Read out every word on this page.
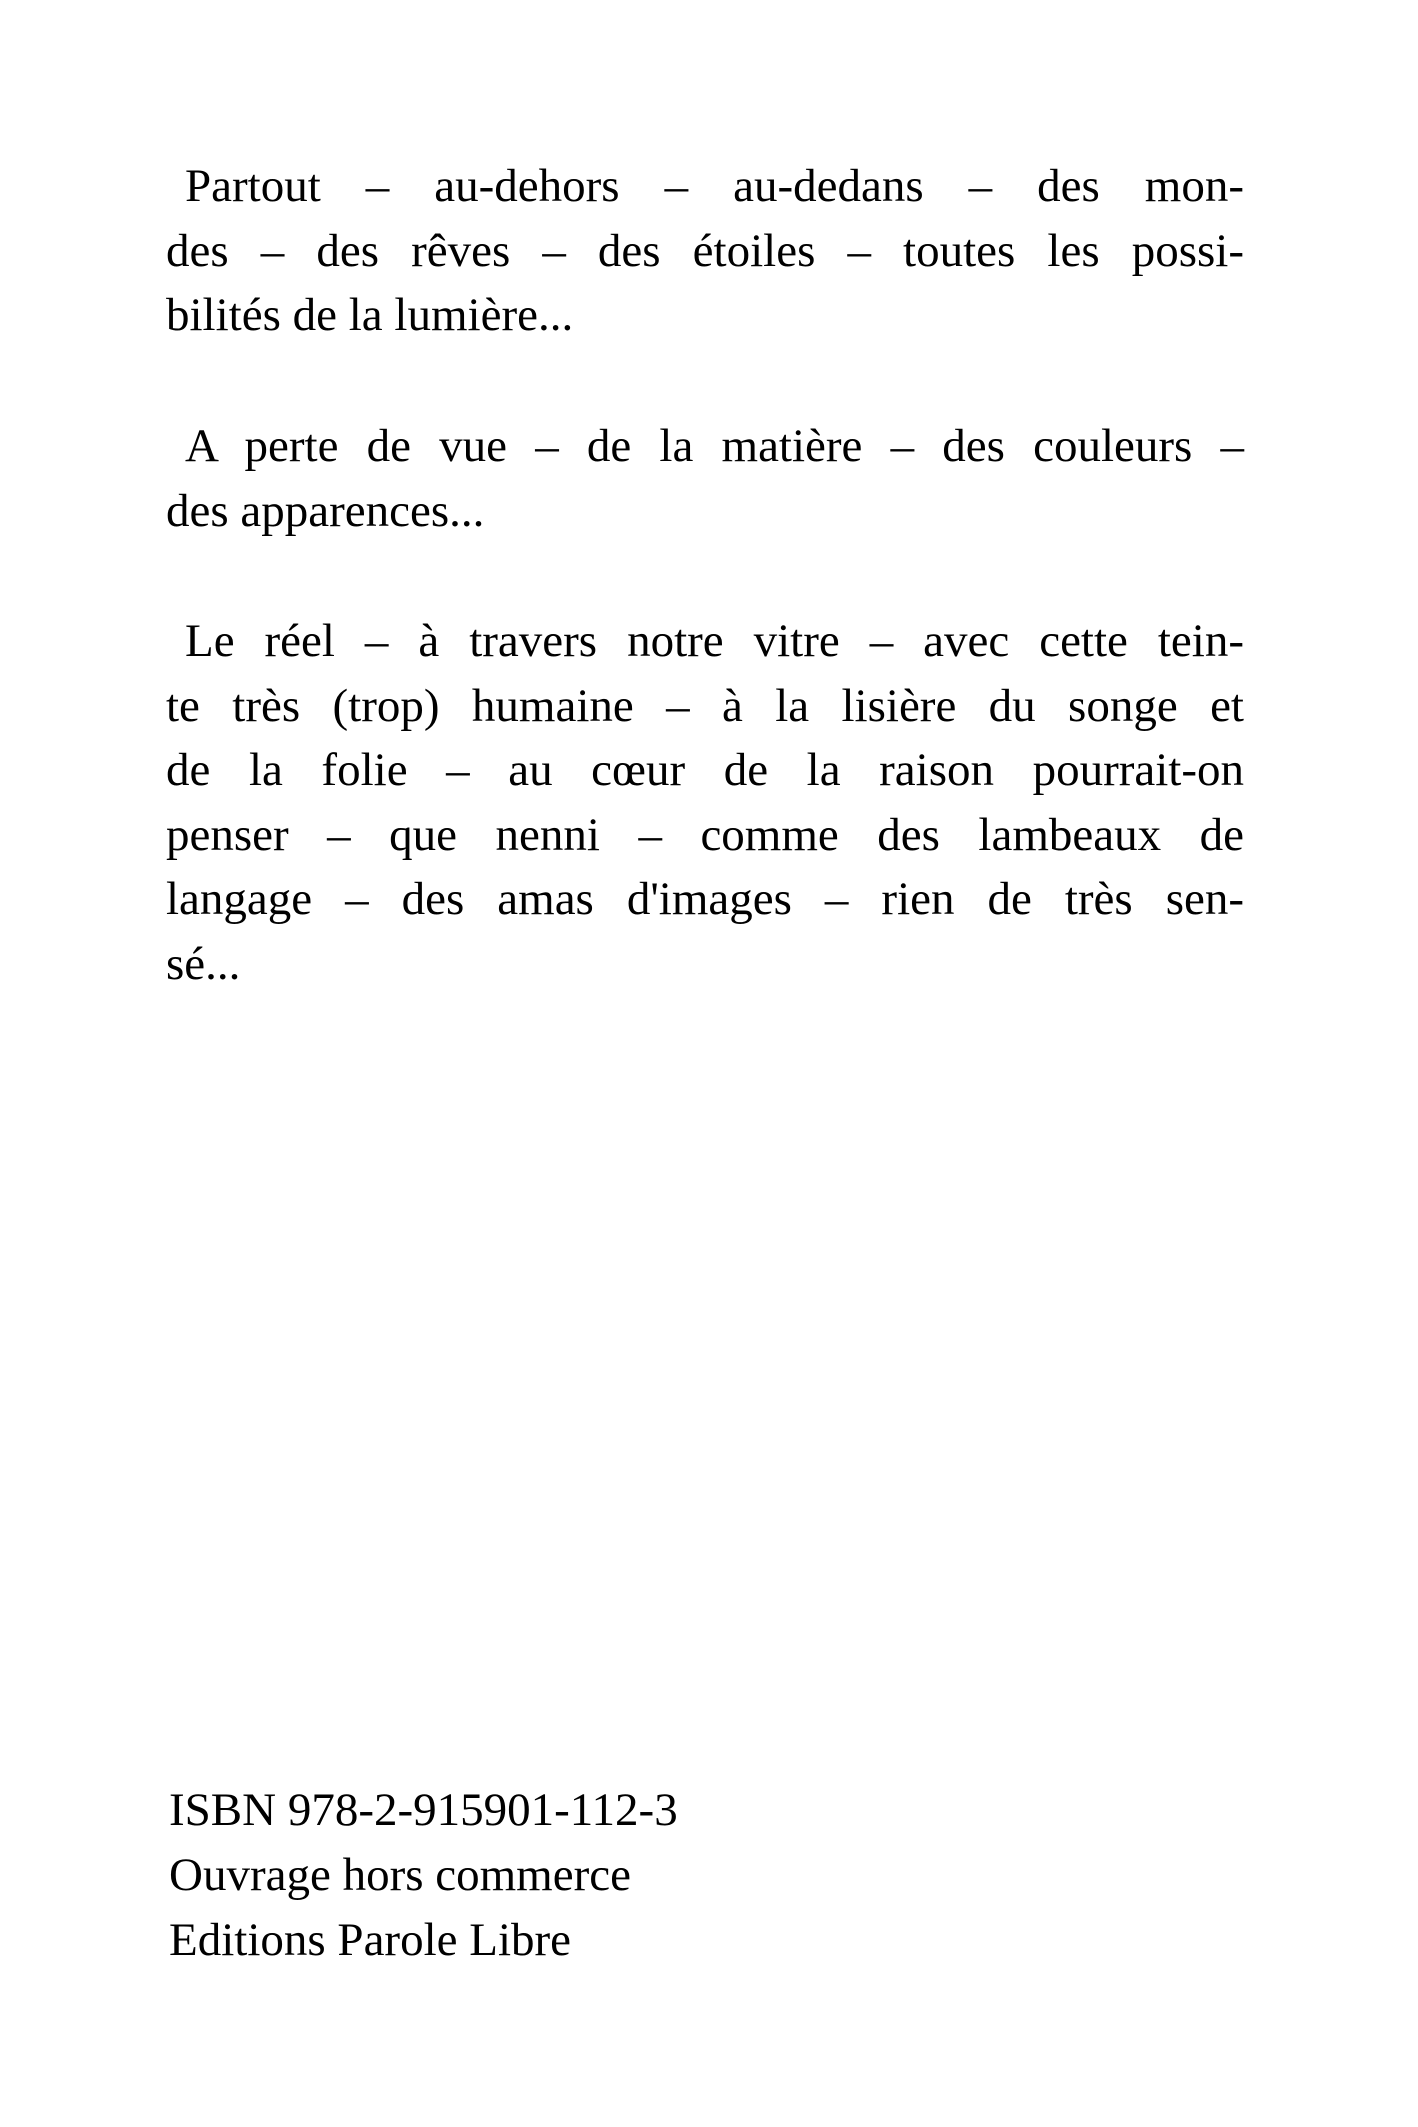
Partout – au-dehors – au-dedans – des mon-
des – des rêves – des étoiles – toutes les possi-
bilités de la lumière...
A perte de vue – de la matière – des couleurs –
des apparences...
Le réel – à travers notre vitre – avec cette tein-
te très (trop) humaine – à la lisière du songe et
de la folie – au cœur de la raison pourrait-on
penser – que nenni – comme des lambeaux de
langage – des amas d'images – rien de très sen-
sé...
ISBN 978-2-915901-112-3
Ouvrage hors commerce
Editions Parole Libre
